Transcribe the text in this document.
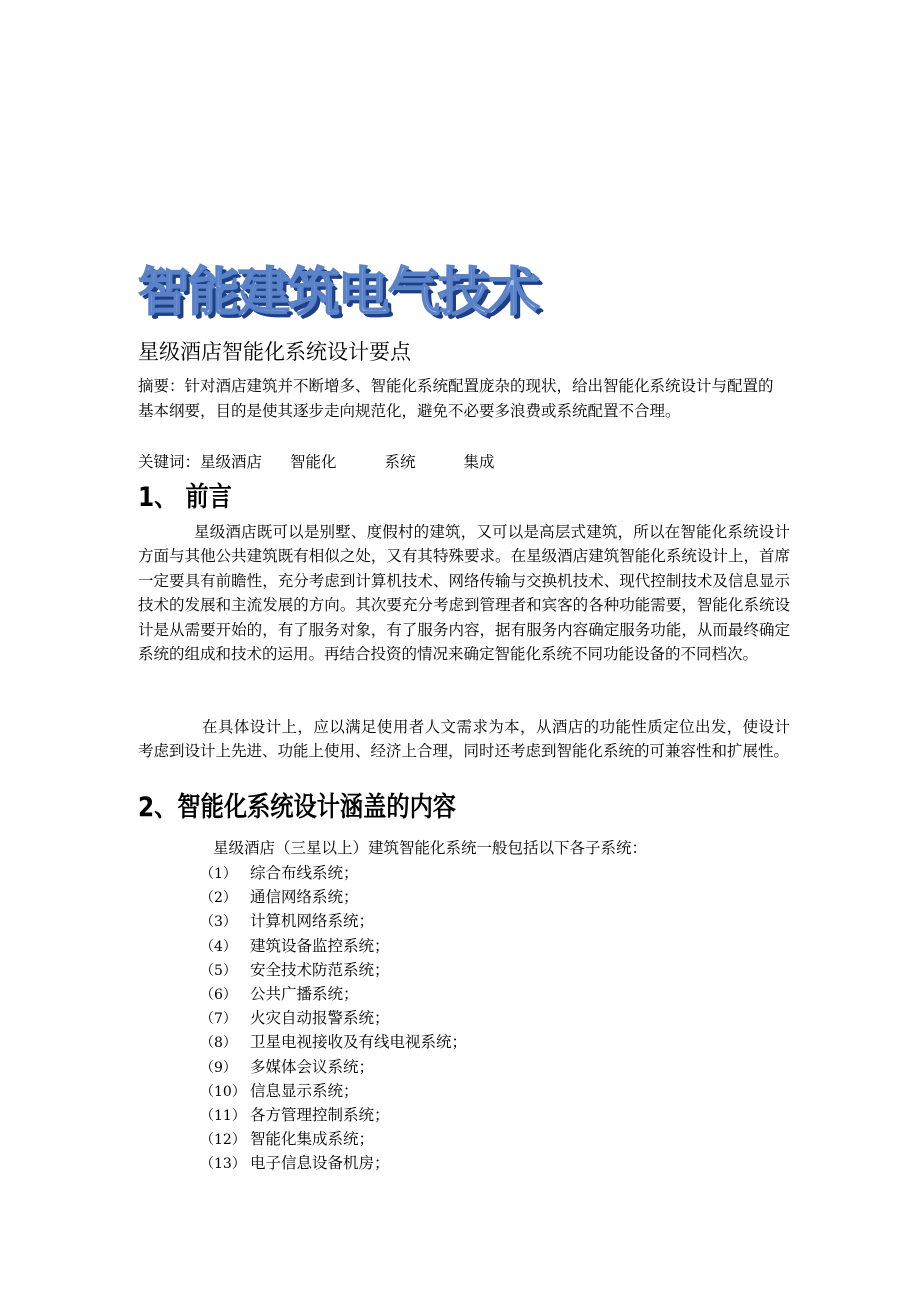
智能建筑电气技术
星级酒店智能化系统设计要点
摘要：针对酒店建筑并不断增多、智能化系统配置庞杂的现状，给出智能化系统设计与配置的基本纲要，目的是使其逐步走向规范化，避免不必要多浪费或系统配置不合理。
关键词：星级酒店 智能化	系统	集成
1、 前言
星级酒店既可以是别墅、度假村的建筑，又可以是高层式建筑，所以在智能化系统设计方面与其他公共建筑既有相似之处，又有其特殊要求。在星级酒店建筑智能化系统设计上，首席一定要具有前瞻性，充分考虑到计算机技术、网络传输与交换机技术、现代控制技术及信息显示技术的发展和主流发展的方向。其次要充分考虑到管理者和宾客的各种功能需要，智能化系统设计是从需要开始的，有了服务对象，有了服务内容，据有服务内容确定服务功能，从而最终确定系统的组成和技术的运用。再结合投资的情况来确定智能化系统不同功能设备的不同档次。
在具体设计上，应以满足使用者人文需求为本，从酒店的功能性质定位出发，使设计考虑到设计上先进、功能上使用、经济上合理，同时还考虑到智能化系统的可兼容性和扩展性。
2、智能化系统设计涵盖的内容
星级酒店（三星以上）建筑智能化系统一般包括以下各子系统：
（1） 综合布线系统；
（2） 通信网络系统；
（3） 计算机网络系统；
（4） 建筑设备监控系统；
（5） 安全技术防范系统；
（6） 公共广播系统；
（7） 火灾自动报警系统；
（8） 卫星电视接收及有线电视系统；
（9） 多媒体会议系统；
（10） 信息显示系统；
（11） 各方管理控制系统；
（12） 智能化集成系统；
（13） 电子信息设备机房；
